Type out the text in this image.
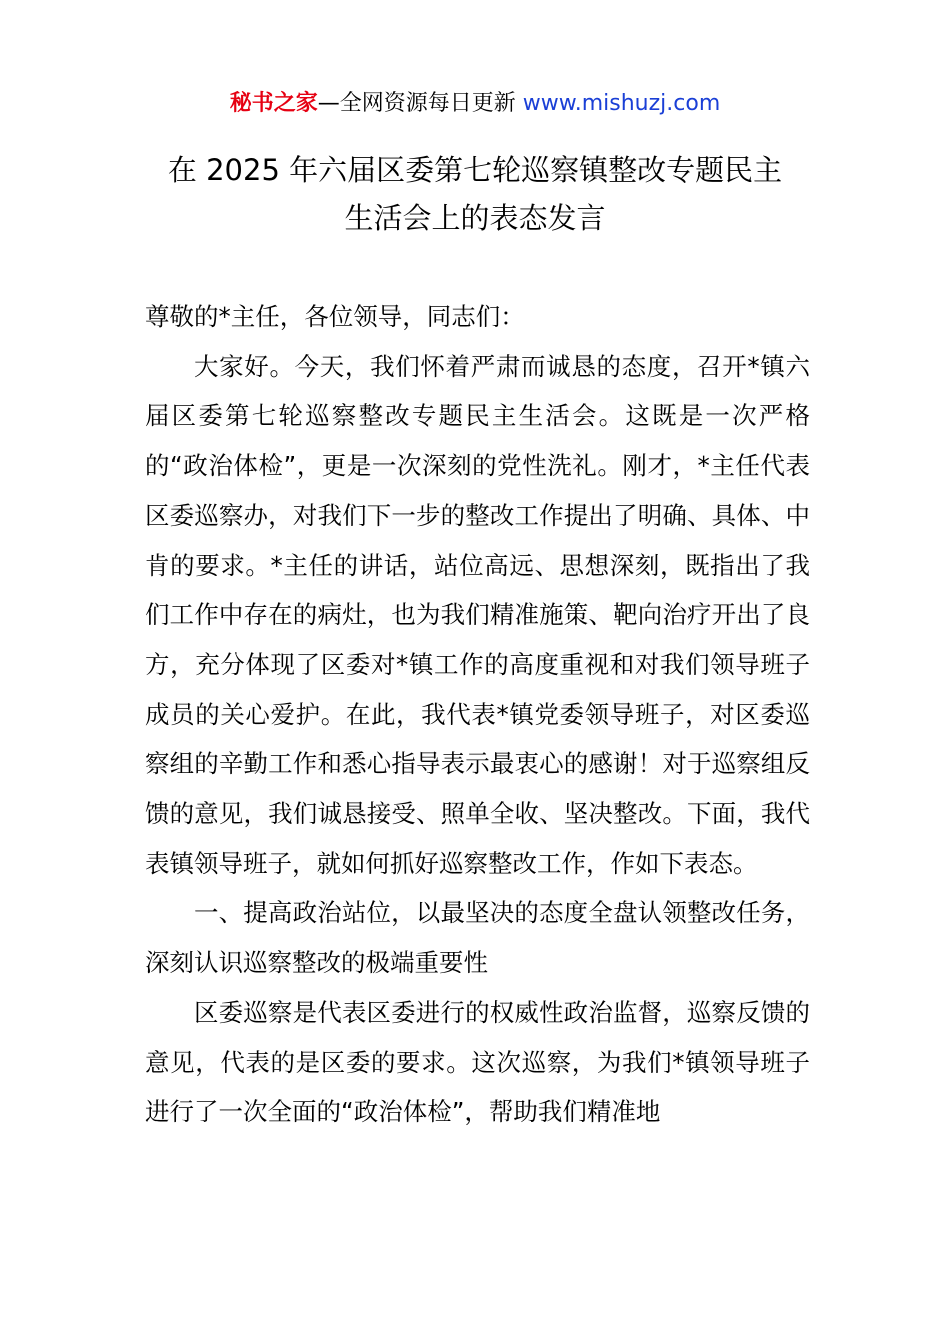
秘书之家—全网资源每日更新 www.mishuzj.com
在 2025 年六届区委第七轮巡察镇整改专题民主
生活会上的表态发言

尊敬的*主任，各位领导，同志们：

大家好。今天，我们怀着严肃而诚恳的态度，召开*镇六届区委第七轮巡察整改专题民主生活会。这既是一次严格的“政治体检”，更是一次深刻的党性洗礼。刚才，*主任代表区委巡察办，对我们下一步的整改工作提出了明确、具体、中肯的要求。*主任的讲话，站位高远、思想深刻，既指出了我们工作中存在的病灶，也为我们精准施策、靶向治疗开出了良方，充分体现了区委对*镇工作的高度重视和对我们领导班子成员的关心爱护。在此，我代表*镇党委领导班子，对区委巡察组的辛勤工作和悉心指导表示最衷心的感谢！对于巡察组反馈的意见，我们诚恳接受、照单全收、坚决整改。下面，我代表镇领导班子，就如何抓好巡察整改工作，作如下表态。

一、提高政治站位，以最坚决的态度全盘认领整改任务，深刻认识巡察整改的极端重要性

区委巡察是代表区委进行的权威性政治监督，巡察反馈的意见，代表的是区委的要求。这次巡察，为我们*镇领导班子进行了一次全面的“政治体检”，帮助我们精准地
